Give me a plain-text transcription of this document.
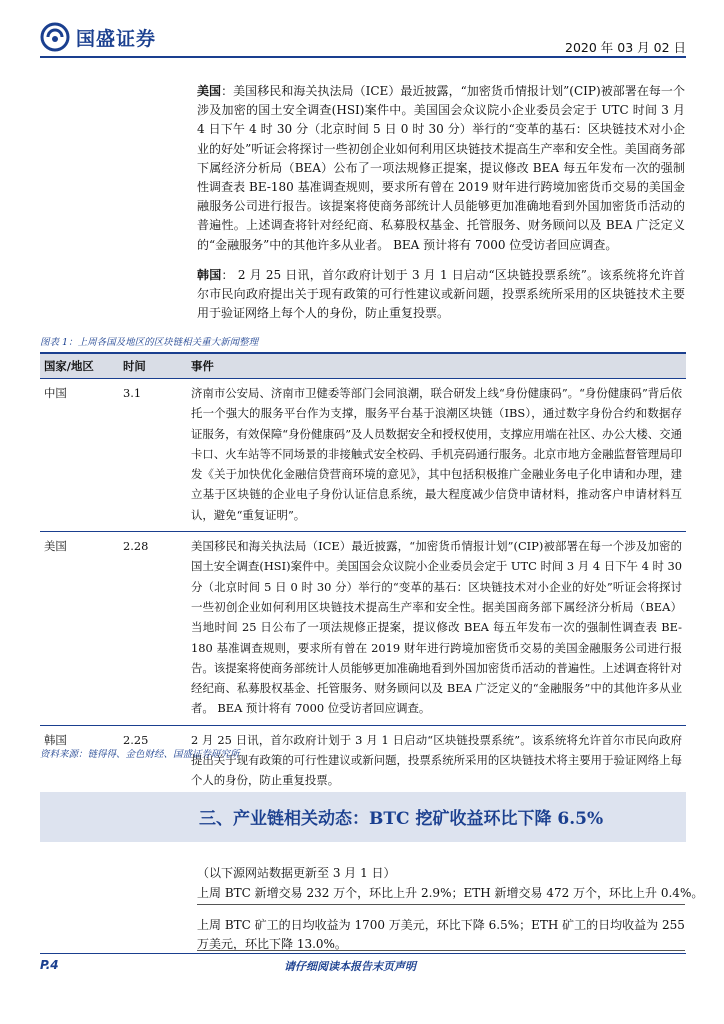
国盛证券	2020 年 03 月 02 日
美国：美国移民和海关执法局（ICE）最近披露，“加密货币情报计划”(CIP)被部署在每一个涉及加密的国土安全调查(HSI)案件中。美国国会众议院小企业委员会定于 UTC 时间 3 月 4 日下午 4 时 30 分（北京时间 5 日 0 时 30 分）举行的“变革的基石：区块链技术对小企业的好处”听证会将探讨一些初创企业如何利用区块链技术提高生产率和安全性。美国商务部下属经济分析局（BEA）公布了一项法规修正提案，提议修改 BEA 每五年发布一次的强制性调查表 BE-180 基准调查规则，要求所有曾在 2019 财年进行跨境加密货币交易的美国金融服务公司进行报告。该提案将使商务部统计人员能够更加准确地看到外国加密货币活动的普遍性。上述调查将针对经纪商、私募股权基金、托管服务、财务顾问以及 BEA 广泛定义的“金融服务”中的其他许多从业者。 BEA 预计将有 7000 位受访者回应调查。
韩国： 2 月 25 日讯，首尔政府计划于 3 月 1 日启动“区块链投票系统”。该系统将允许首尔市民向政府提出关于现有政策的可行性建议或新问题，投票系统所采用的区块链技术主要用于验证网络上每个人的身份，防止重复投票。
图表 1：上周各国及地区的区块链相关重大新闻整理
国家/地区	时间	事件
中国	3.1	济南市公安局、济南市卫健委等部门会同浪潮，联合研发上线“身份健康码”。“身份健康码”背后依托一个强大的服务平台作为支撑，服务平台基于浪潮区块链（IBS），通过数字身份合约和数据存证服务，有效保障“身份健康码”及人员数据安全和授权使用，支撑应用端在社区、办公大楼、交通卡口、火车站等不同场景的非接触式安全校码、手机亮码通行服务。北京市地方金融监督管理局印发《关于加快优化金融信贷营商环境的意见》，其中包括积极推广金融业务电子化申请和办理，建立基于区块链的企业电子身份认证信息系统，最大程度减少信贷申请材料，推动客户申请材料互认，避免“重复证明”。
美国	2.28	美国移民和海关执法局（ICE）最近披露，“加密货币情报计划”(CIP)被部署在每一个涉及加密的国土安全调查(HSI)案件中。美国国会众议院小企业委员会定于 UTC 时间 3 月 4 日下午 4 时 30 分（北京时间 5 日 0 时 30 分）举行的“变革的基石：区块链技术对小企业的好处”听证会将探讨一些初创企业如何利用区块链技术提高生产率和安全性。据美国商务部下属经济分析局（BEA）当地时间 25 日公布了一项法规修正提案，提议修改 BEA 每五年发布一次的强制性调查表 BE-180 基准调查规则，要求所有曾在 2019 财年进行跨境加密货币交易的美国金融服务公司进行报告。该提案将使商务部统计人员能够更加准确地看到外国加密货币活动的普遍性。上述调查将针对经纪商、私募股权基金、托管服务、财务顾问以及 BEA 广泛定义的“金融服务”中的其他许多从业者。 BEA 预计将有 7000 位受访者回应调查。
韩国	2.25	2 月 25 日讯，首尔政府计划于 3 月 1 日启动“区块链投票系统”。该系统将允许首尔市民向政府提出关于现有政策的可行性建议或新问题，投票系统所采用的区块链技术将主要用于验证网络上每个人的身份，防止重复投票。
资料来源：链得得、金色财经、国盛证券研究所
三、产业链相关动态：BTC 挖矿收益环比下降 6.5%
（以下源网站数据更新至 3 月 1 日）
上周 BTC 新增交易 232 万个，环比上升 2.9%；ETH 新增交易 472 万个，环比上升 0.4%。
上周 BTC 矿工的日均收益为 1700 万美元，环比下降 6.5%；ETH 矿工的日均收益为 255 万美元，环比下降 13.0%。
P.4	请仔细阅读本报告末页声明
